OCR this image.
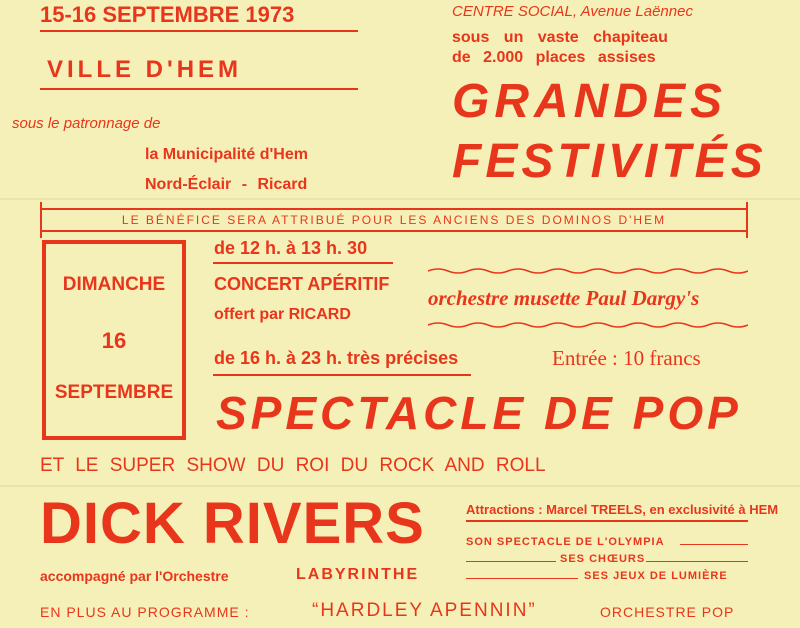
15-16 SEPTEMBRE 1973
VILLE D'HEM
sous le patronnage de
la Municipalité d'Hem
Nord-Éclair - Ricard
CENTRE SOCIAL, Avenue Laënnec
sous un vaste chapiteau
de 2.000 places assises
GRANDES
FESTIVITÉS
LE BÉNÉFICE SERA ATTRIBUÉ POUR LES ANCIENS DES DOMINOS D'HEM
DIMANCHE
16
SEPTEMBRE
de 12 h. à 13 h. 30
CONCERT APÉRITIF
offert par RICARD
orchestre musette Paul Dargy's
de 16 h. à 23 h. très précises	Entrée : 10 francs
SPECTACLE DE POP
ET LE SUPER SHOW DU ROI DU ROCK AND ROLL
DICK RIVERS
accompagné par l'Orchestre	LABYRINTHE
Attractions : Marcel TREELS, en exclusivité à HEM
SON SPECTACLE DE L'OLYMPIA
SES CHŒURS
SES JEUX DE LUMIÈRE
EN PLUS AU PROGRAMME :	“HARDLEY APENNIN”	ORCHESTRE POP
